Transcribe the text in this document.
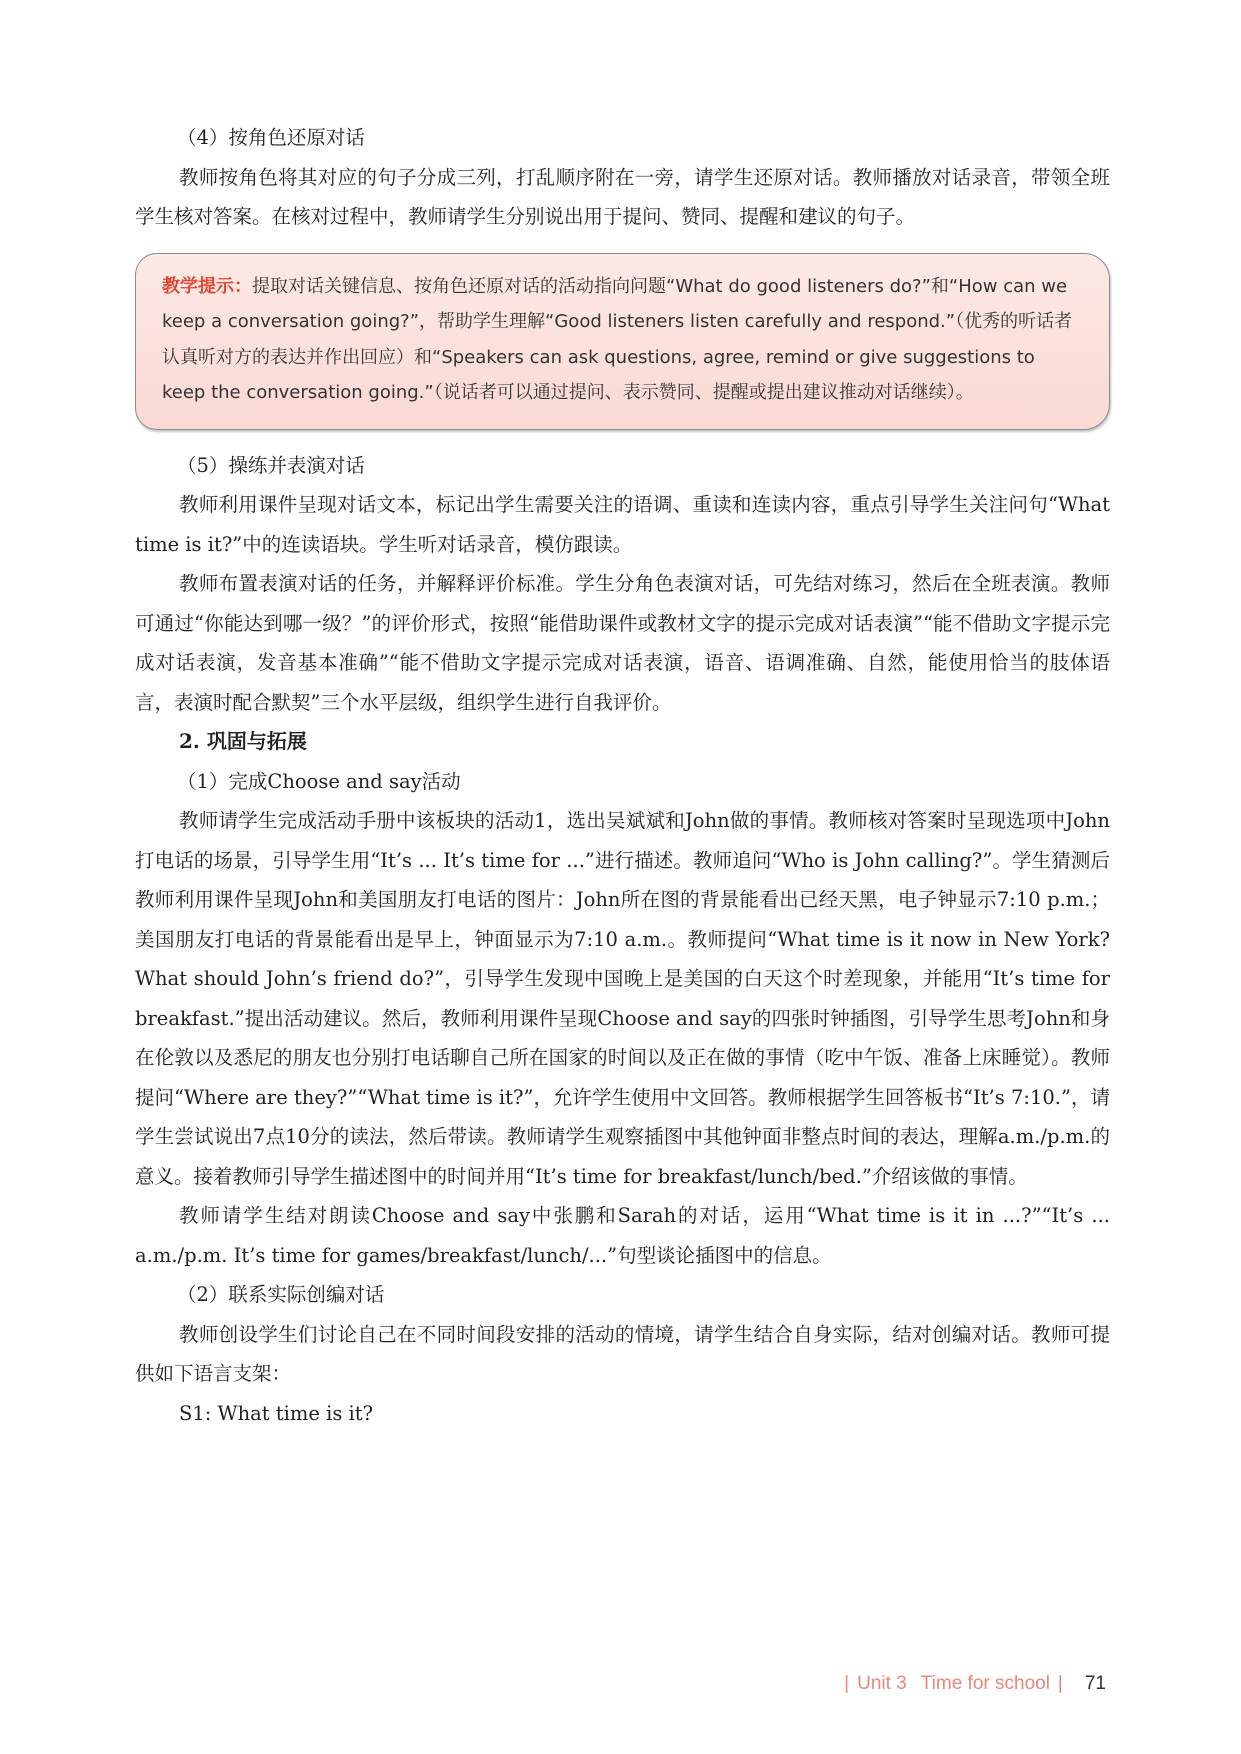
（4）按角色还原对话

教师按角色将其对应的句子分成三列，打乱顺序附在一旁，请学生还原对话。教师播放对话录音，带领全班学生核对答案。在核对过程中，教师请学生分别说出用于提问、赞同、提醒和建议的句子。

教学提示：提取对话关键信息、按角色还原对话的活动指向问题“What do good listeners do?”和“How can we keep a conversation going?”，帮助学生理解“Good listeners listen carefully and respond.”（优秀的听话者认真听对方的表达并作出回应）和“Speakers can ask questions, agree, remind or give suggestions to keep the conversation going.”（说话者可以通过提问、表示赞同、提醒或提出建议推动对话继续）。

（5）操练并表演对话

教师利用课件呈现对话文本，标记出学生需要关注的语调、重读和连读内容，重点引导学生关注问句“What time is it?”中的连读语块。学生听对话录音，模仿跟读。

教师布置表演对话的任务，并解释评价标准。学生分角色表演对话，可先结对练习，然后在全班表演。教师可通过“你能达到哪一级？”的评价形式，按照“能借助课件或教材文字的提示完成对话表演”“能不借助文字提示完成对话表演，发音基本准确”“能不借助文字提示完成对话表演，语音、语调准确、自然，能使用恰当的肢体语言，表演时配合默契”三个水平层级，组织学生进行自我评价。

2. 巩固与拓展

（1）完成Choose and say活动

教师请学生完成活动手册中该板块的活动1，选出吴斌斌和John做的事情。教师核对答案时呈现选项中John打电话的场景，引导学生用“It’s ... It’s time for ...”进行描述。教师追问“Who is John calling?”。学生猜测后教师利用课件呈现John和美国朋友打电话的图片：John所在图的背景能看出已经天黑，电子钟显示7:10 p.m.；美国朋友打电话的背景能看出是早上，钟面显示为7:10 a.m.。教师提问“What time is it now in New York? What should John’s friend do?”，引导学生发现中国晚上是美国的白天这个时差现象，并能用“It’s time for breakfast.”提出活动建议。然后，教师利用课件呈现Choose and say的四张时钟插图，引导学生思考John和身在伦敦以及悉尼的朋友也分别打电话聊自己所在国家的时间以及正在做的事情（吃中午饭、准备上床睡觉）。教师提问“Where are they?”“What time is it?”，允许学生使用中文回答。教师根据学生回答板书“It’s 7:10.”，请学生尝试说出7点10分的读法，然后带读。教师请学生观察插图中其他钟面非整点时间的表达，理解a.m./p.m.的意义。接着教师引导学生描述图中的时间并用“It’s time for breakfast/lunch/bed.”介绍该做的事情。

教师请学生结对朗读Choose and say中张鹏和Sarah的对话，运用“What time is it in ...?”“It’s ... a.m./p.m. It’s time for games/breakfast/lunch/...”句型谈论插图中的信息。

（2）联系实际创编对话

教师创设学生们讨论自己在不同时间段安排的活动的情境，请学生结合自身实际，结对创编对话。教师可提供如下语言支架：

S1: What time is it?

| Unit 3 Time for school | 71
